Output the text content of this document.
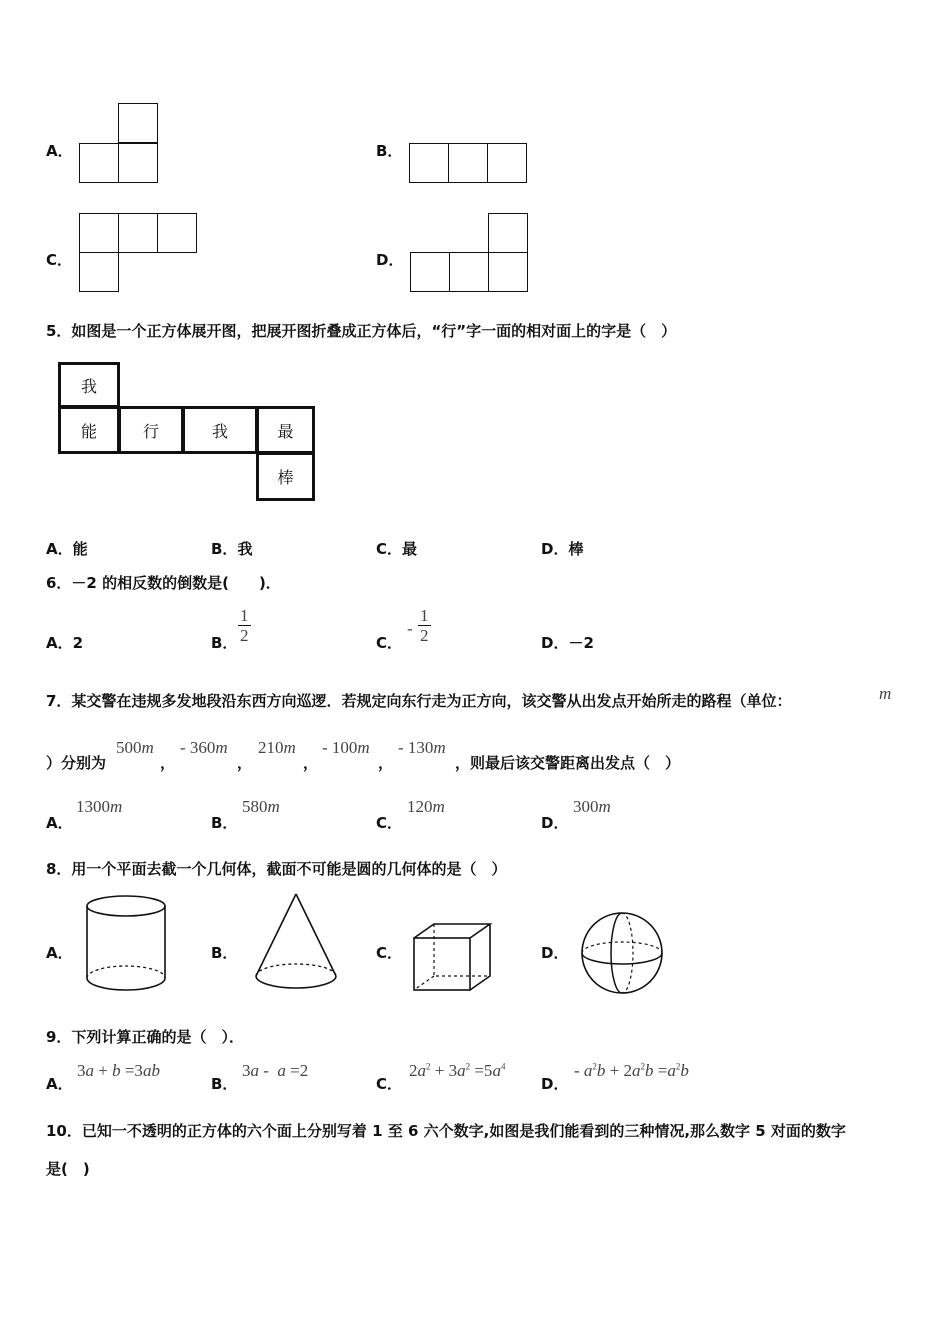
A．	B．
C．	D．
5．如图是一个正方体展开图，把展开图折叠成正方体后，“行”字一面的相对面上的字是（　）
我
能	行	我	最
棒
A．能	B．我	C．最	D．棒
6．－2 的相反数的倒数是(　　)．
A．2	B． $\frac{1}{2}$	C．
- $\frac{1}{2}$	D．－2
7．某交警在违规多发地段沿东西方向巡逻．若规定向东行走为正方向，该交警从出发点开始所走的路程（单位：	m
）分别为
500m
，
- 360m
，
210m
，
- 100m
，
- 130m
，则最后该交警距离出发点（　）
A．
1300m
B．
580m
C．
120m
D．
300m
8．用一个平面去截一个几何体，截面不可能是圆的几何体的是（　）
A．	B．	C．	D．
9．下列计算正确的是（　）．
A．
3a + b =3ab
B．
3a -  a =2
C．
$2a^2 + 3a^2 =5a^4$
D．
- $a^2b + 2a^2b =a^2b$
10．已知一不透明的正方体的六个面上分别写着 1 至 6 六个数字,如图是我们能看到的三种情况,那么数字 5 对面的数字
是(　)
